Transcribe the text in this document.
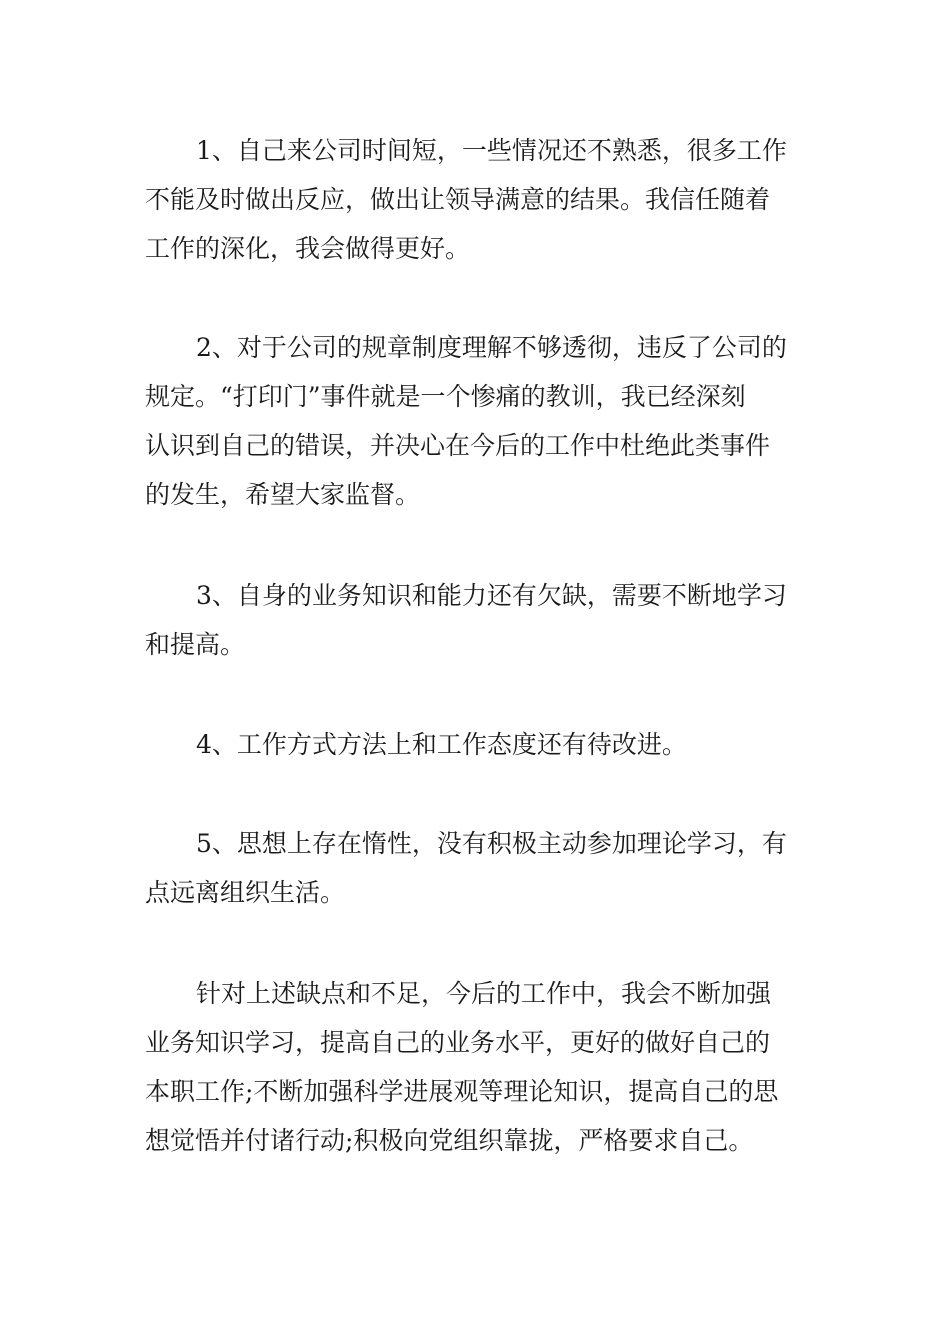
1、自己来公司时间短，一些情况还不熟悉，很多工作
不能及时做出反应，做出让领导满意的结果。我信任随着
工作的深化，我会做得更好。
2、对于公司的规章制度理解不够透彻，违反了公司的
规定。“打印门”事件就是一个惨痛的教训，我已经深刻
认识到自己的错误，并决心在今后的工作中杜绝此类事件
的发生，希望大家监督。
3、自身的业务知识和能力还有欠缺，需要不断地学习
和提高。
4、工作方式方法上和工作态度还有待改进。
5、思想上存在惰性，没有积极主动参加理论学习，有
点远离组织生活。
针对上述缺点和不足，今后的工作中，我会不断加强
业务知识学习，提高自己的业务水平，更好的做好自己的
本职工作;不断加强科学进展观等理论知识，提高自己的思
想觉悟并付诸行动;积极向党组织靠拢，严格要求自己。
